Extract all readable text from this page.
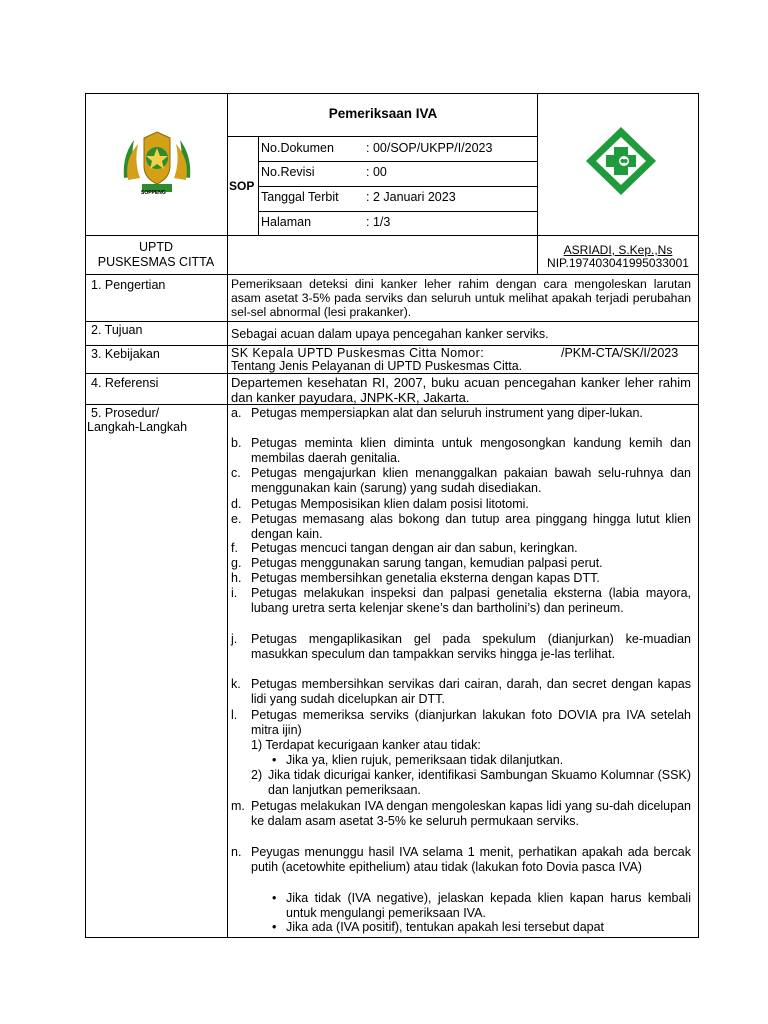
SOPPENG
Pemeriksaan IVA
SOP
No.Dokumen	: 00/SOP/UKPP/I/2023
No.Revisi	: 00
Tanggal Terbit : 2 Januari 2023
Halaman	: 1/3
UPTD
PUSKESMAS CITTA
ASRIADI, S.Kep.,Ns
NIP.197403041995033001
1. Pengertian	Pemeriksaan deteksi dini kanker leher rahim dengan cara mengoleskan larutan asam asetat 3-5% pada serviks dan seluruh untuk melihat apakah terjadi perubahan sel-sel abnormal (lesi prakanker).
2. Tujuan	Sebagai acuan dalam upaya pencegahan kanker serviks.
3. Kebijakan	SK Kepala UPTD Puskesmas Citta Nomor:	/PKM-CTA/SK/I/2023
Tentang Jenis Pelayanan di UPTD Puskesmas Citta.
4. Referensi	Departemen kesehatan RI, 2007, buku acuan pencegahan kanker leher rahim dan kanker payudara, JNPK-KR, Jakarta.
5. Prosedur/
Langkah-Langkah
a. Petugas mempersiapkan alat dan seluruh instrument yang diper-lukan.
b. Petugas meminta klien diminta untuk mengosongkan kandung kemih dan membilas daerah genitalia.
c. Petugas mengajurkan klien menanggalkan pakaian bawah selu-ruhnya dan menggunakan kain (sarung) yang sudah disediakan.
d. Petugas Memposisikan klien dalam posisi litotomi.
e. Petugas memasang alas bokong dan tutup area pinggang hingga lutut klien dengan kain.
f.	Petugas mencuci tangan dengan air dan sabun, keringkan.
g. Petugas menggunakan sarung tangan, kemudian palpasi perut.
h. Petugas membersihkan genetalia eksterna dengan kapas DTT.
i.	Petugas melakukan inspeksi dan palpasi genetalia eksterna (labia mayora, lubang uretra serta kelenjar skene’s dan bartholini’s) dan perineum.
j.	Petugas mengaplikasikan gel pada spekulum (dianjurkan) ke-muadian masukkan speculum dan tampakkan serviks hingga je-las terlihat.
k. Petugas membersihkan servikas dari cairan, darah, dan secret dengan kapas lidi yang sudah dicelupkan air DTT.
l.	Petugas memeriksa serviks (dianjurkan lakukan foto DOVIA pra IVA setelah mitra ijin)
1) Terdapat kecurigaan kanker atau tidak:
• Jika ya, klien rujuk, pemeriksaan tidak dilanjutkan.
2) Jika tidak dicurigai kanker, identifikasi Sambungan Skuamo Kolumnar (SSK) dan lanjutkan pemeriksaan.
m. Petugas melakukan IVA dengan mengoleskan kapas lidi yang su-dah dicelupan ke dalam asam asetat 3-5% ke seluruh permukaan serviks.
n. Peyugas menunggu hasil IVA selama 1 menit, perhatikan apakah ada bercak putih (acetowhite epithelium) atau tidak (lakukan foto Dovia pasca IVA)
• Jika tidak (IVA negative), jelaskan kepada klien kapan harus kembali untuk mengulangi pemeriksaan IVA.
• Jika ada (IVA positif), tentukan apakah lesi tersebut dapat
